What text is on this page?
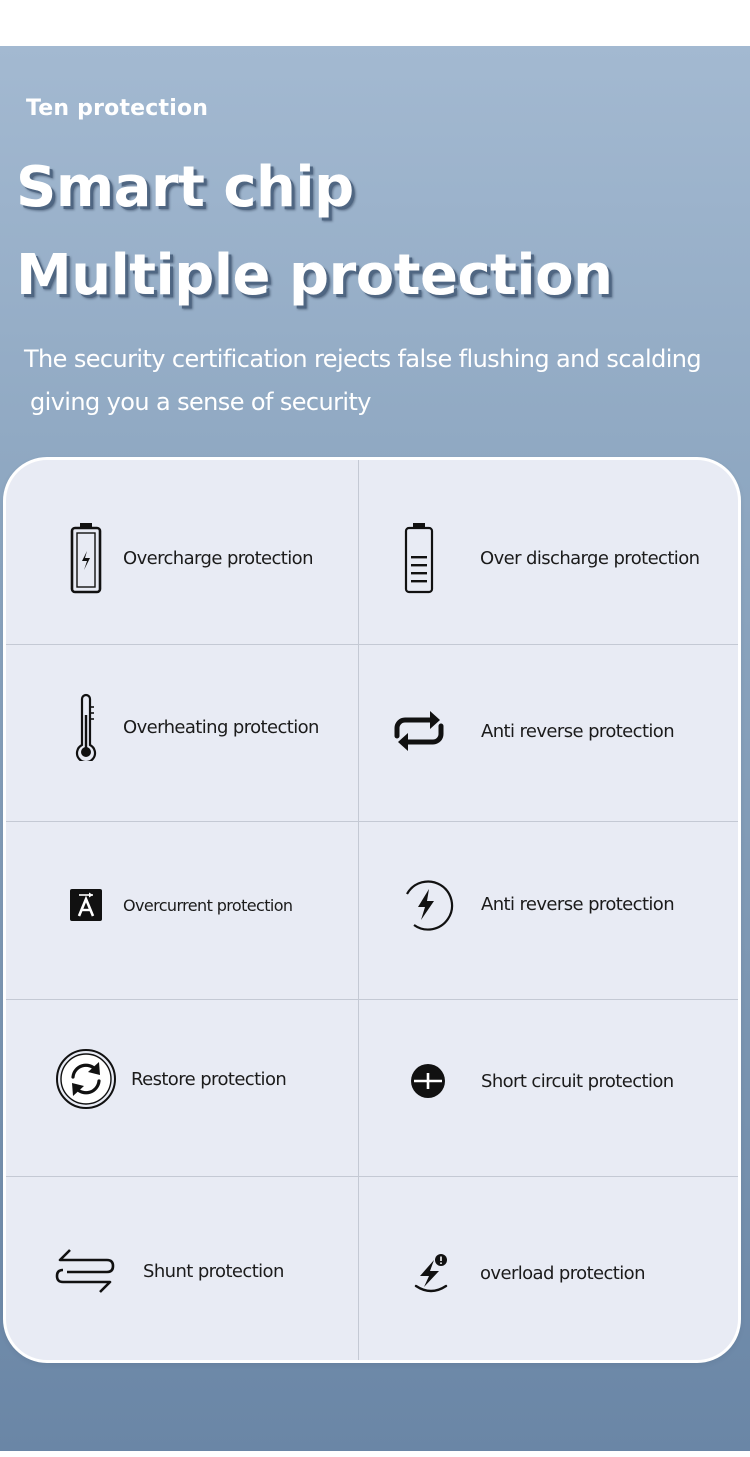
Ten protection
Smart chip
Multiple protection
The security certification rejects false flushing and scalding
giving you a sense of security
Overcharge protection	Over discharge protection
Overheating protection	Anti reverse protection
Overcurrent protection	Anti reverse protection
Restore protection	Short circuit protection
Shunt protection	overload protection
